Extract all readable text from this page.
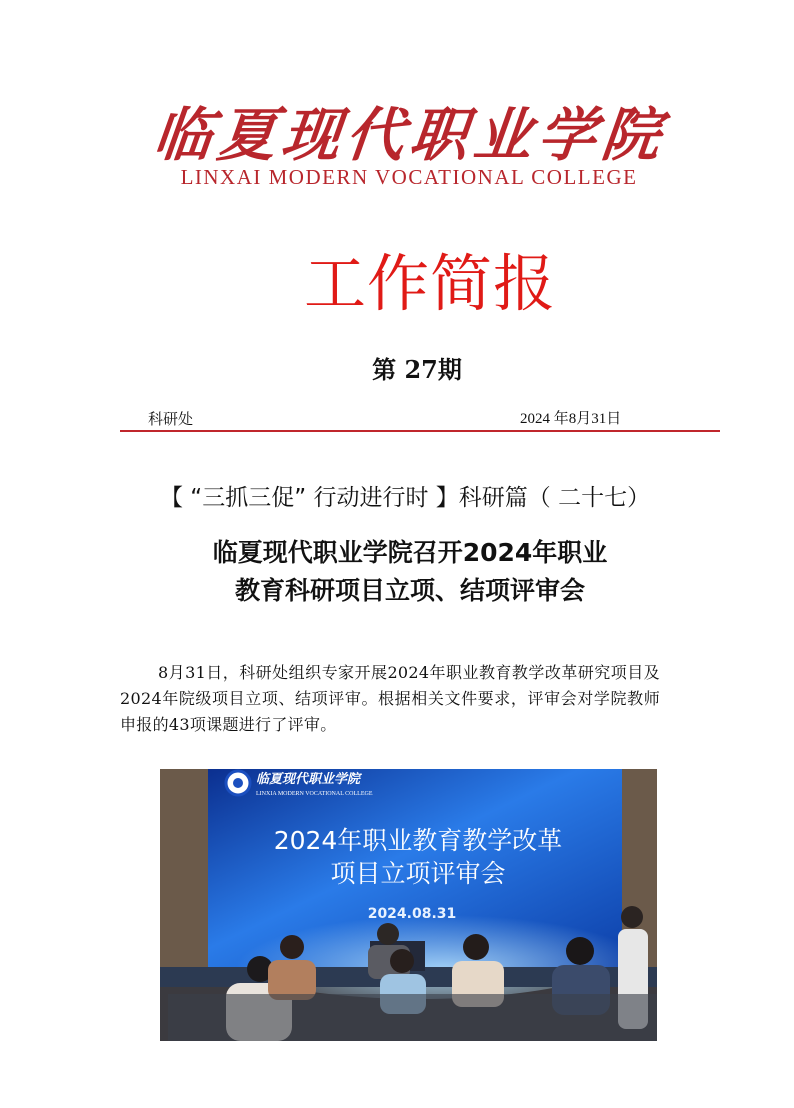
临夏现代职业学院
LINXAI MODERN VOCATIONAL COLLEGE
工作简报
第 27期
科研处	2024 年8月31日
【 “三抓三促” 行动进行时 】科研篇（ 二十七）
临夏现代职业学院召开2024年职业
教育科研项目立项、结项评审会
8月31日，科研处组织专家开展2024年职业教育教学改革研究项目及2024年院级项目立项、结项评审。根据相关文件要求，评审会对学院教师申报的43项课题进行了评审。
临夏现代职业学院
LINXIA MODERN VOCATIONAL COLLEGE
2024年职业教育教学改革
项目立项评审会
2024.08.31
